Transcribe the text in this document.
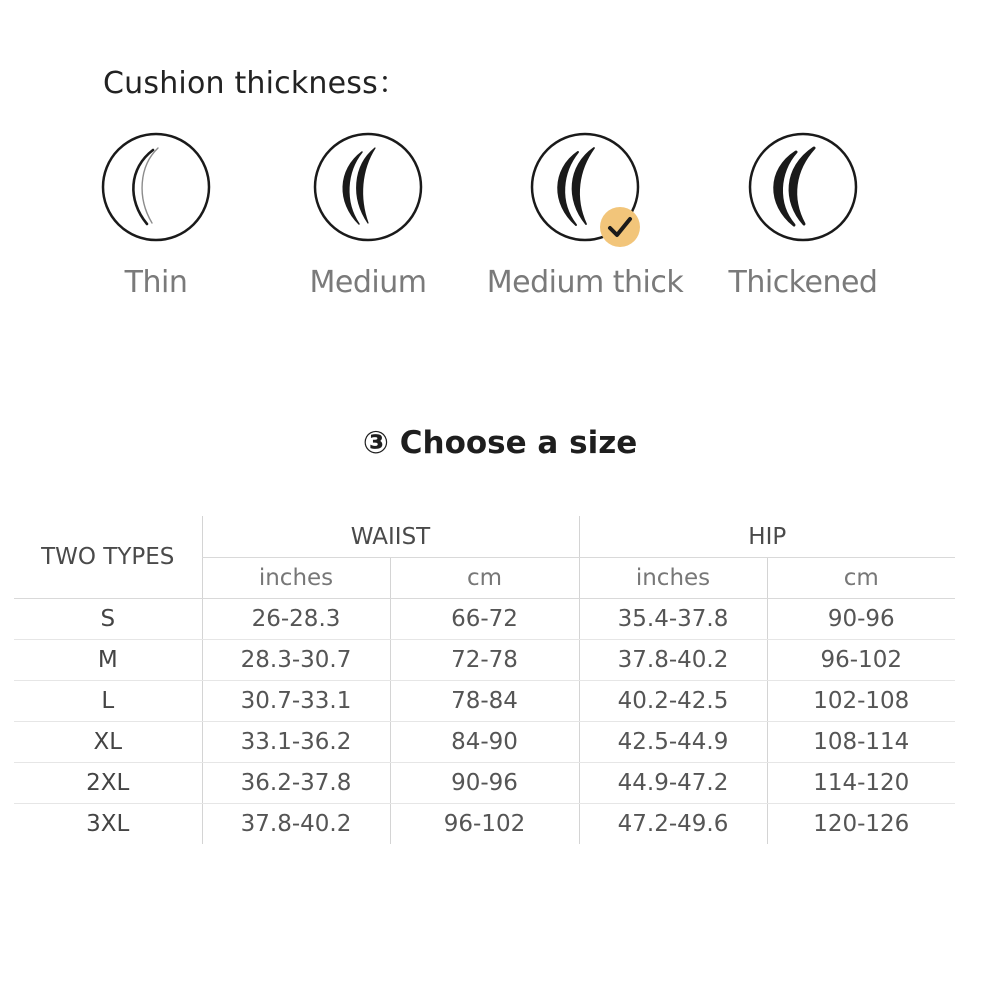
Cushion thickness：
Thin	Medium	Medium thick	Thickened
③ Choose a size
TWO TYPES	WAIIST		HIP	
	inches	cm	inches	cm
S	26-28.3	66-72	35.4-37.8	90-96
M	28.3-30.7	72-78	37.8-40.2	96-102
L	30.7-33.1	78-84	40.2-42.5	102-108
XL	33.1-36.2	84-90	42.5-44.9	108-114
2XL	36.2-37.8	90-96	44.9-47.2	114-120
3XL	37.8-40.2	96-102	47.2-49.6	120-126
